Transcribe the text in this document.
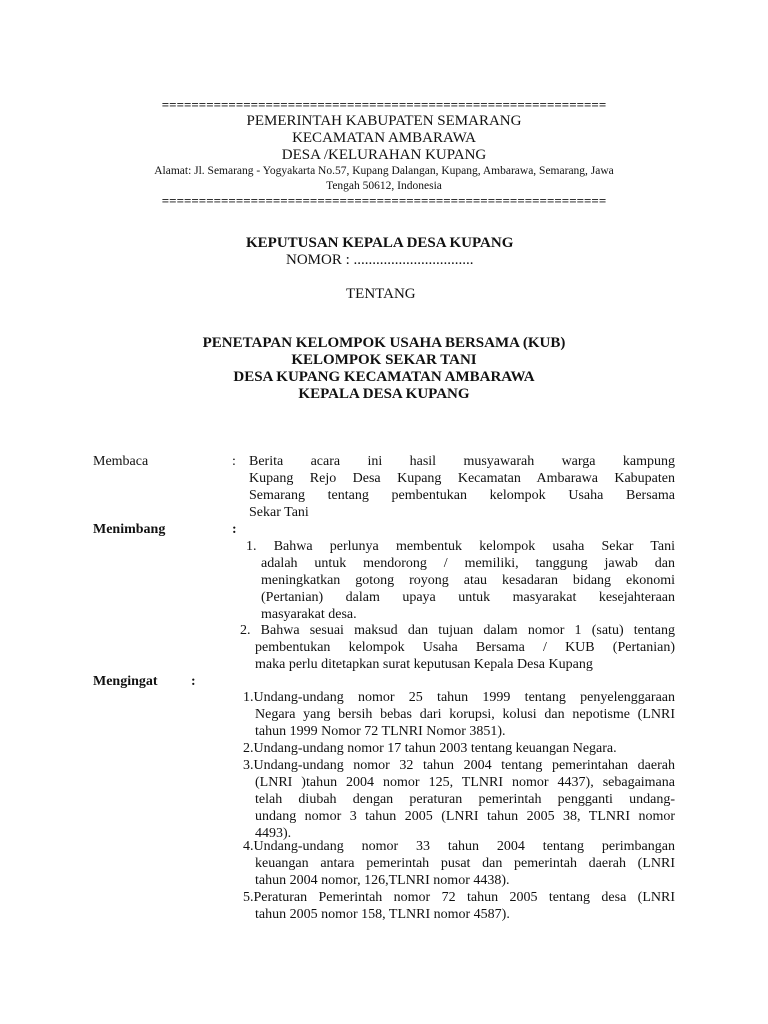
============================================================
PEMERINTAH KABUPATEN SEMARANG
KECAMATAN AMBARAWA
DESA /KELURAHAN KUPANG
Alamat: Jl. Semarang - Yogyakarta No.57, Kupang Dalangan, Kupang, Ambarawa, Semarang, Jawa
Tengah 50612, Indonesia
============================================================
KEPUTUSAN KEPALA DESA KUPANG
NOMOR : ................................
TENTANG
PENETAPAN KELOMPOK USAHA BERSAMA (KUB)
KELOMPOK SEKAR TANI
DESA KUPANG KECAMATAN AMBARAWA
KEPALA DESA KUPANG
Membaca	: Berita acara ini hasil musyawarah warga kampung
Kupang Rejo Desa Kupang Kecamatan Ambarawa Kabupaten
Semarang tentang pembentukan kelompok Usaha Bersama
Sekar Tani
Menimbang	:
1. Bahwa perlunya membentuk kelompok usaha Sekar Tani
adalah untuk mendorong / memiliki, tanggung jawab dan
meningkatkan gotong royong atau kesadaran bidang ekonomi
(Pertanian) dalam upaya untuk masyarakat kesejahteraan
masyarakat desa.
2. Bahwa sesuai maksud dan tujuan dalam nomor 1 (satu) tentang
pembentukan kelompok Usaha Bersama / KUB (Pertanian)
maka perlu ditetapkan surat keputusan Kepala Desa Kupang
Mengingat :
1.Undang-undang nomor 25 tahun 1999 tentang penyelenggaraan
Negara yang bersih bebas dari korupsi, kolusi dan nepotisme (LNRI
tahun 1999 Nomor 72 TLNRI Nomor 3851).
2.Undang-undang nomor 17 tahun 2003 tentang keuangan Negara.
3.Undang-undang nomor 32 tahun 2004 tentang pemerintahan daerah
(LNRI )tahun 2004 nomor 125, TLNRI nomor 4437), sebagaimana
telah diubah dengan peraturan pemerintah pengganti undang-
undang nomor 3 tahun 2005 (LNRI tahun 2005 38, TLNRI nomor
4493).
4.Undang-undang nomor 33 tahun 2004 tentang perimbangan
keuangan antara pemerintah pusat dan pemerintah daerah (LNRI
tahun 2004 nomor, 126,TLNRI nomor 4438).
5.Peraturan Pemerintah nomor 72 tahun 2005 tentang desa (LNRI
tahun 2005 nomor 158, TLNRI nomor 4587).
